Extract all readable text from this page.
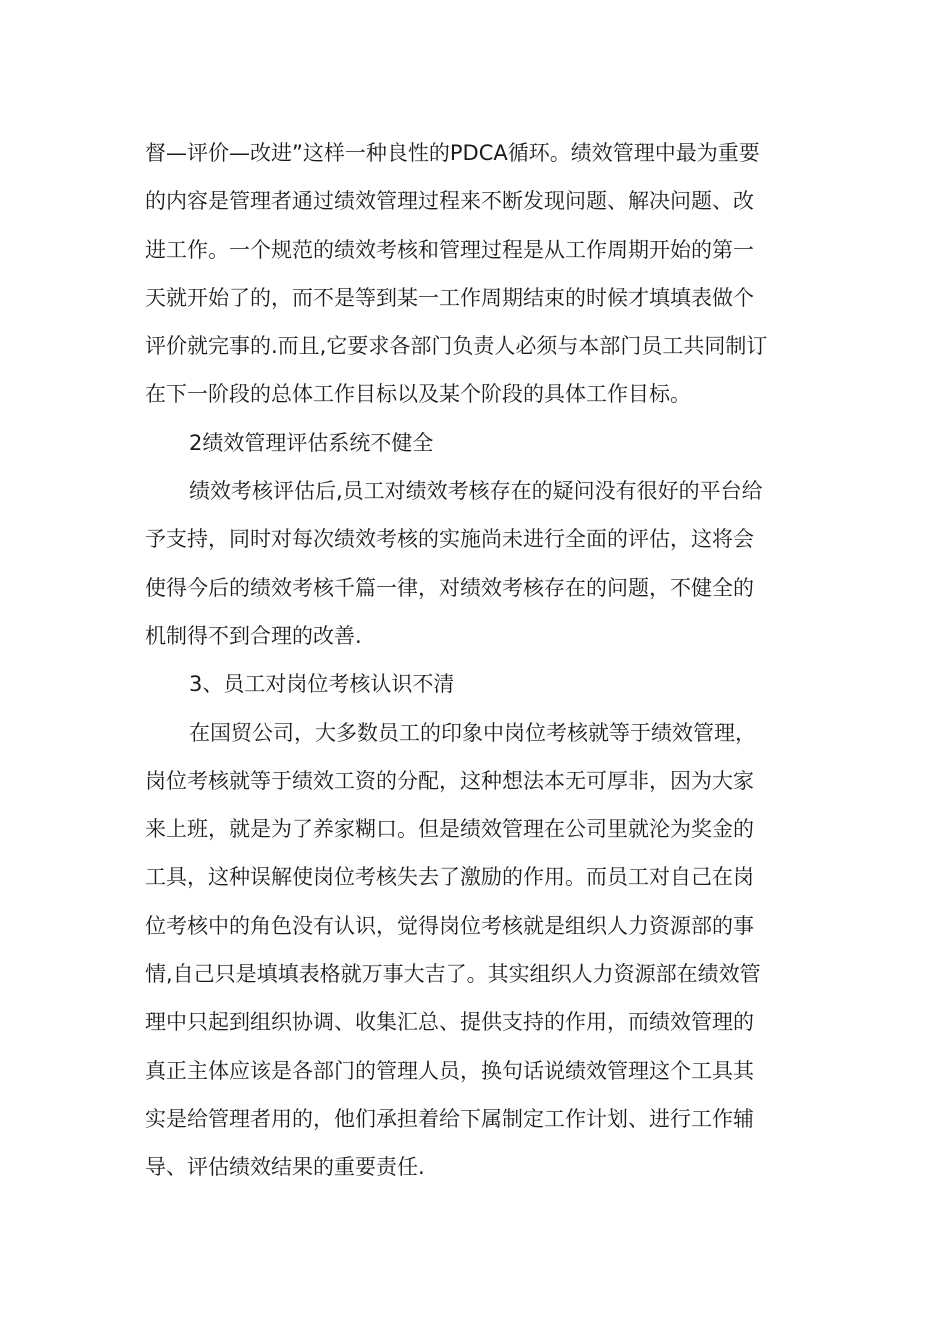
督—评价—改进”这样一种良性的PDCA循环。绩效管理中最为重要
的内容是管理者通过绩效管理过程来不断发现问题、解决问题、改
进工作。一个规范的绩效考核和管理过程是从工作周期开始的第一
天就开始了的，而不是等到某一工作周期结束的时候才填填表做个
评价就完事的.而且,它要求各部门负责人必须与本部门员工共同制订
在下一阶段的总体工作目标以及某个阶段的具体工作目标。
2绩效管理评估系统不健全
绩效考核评估后,员工对绩效考核存在的疑问没有很好的平台给
予支持，同时对每次绩效考核的实施尚未进行全面的评估，这将会
使得今后的绩效考核千篇一律，对绩效考核存在的问题，不健全的
机制得不到合理的改善.
3、员工对岗位考核认识不清
在国贸公司，大多数员工的印象中岗位考核就等于绩效管理，
岗位考核就等于绩效工资的分配，这种想法本无可厚非，因为大家
来上班，就是为了养家糊口。但是绩效管理在公司里就沦为奖金的
工具，这种误解使岗位考核失去了激励的作用。而员工对自己在岗
位考核中的角色没有认识，觉得岗位考核就是组织人力资源部的事
情,自己只是填填表格就万事大吉了。其实组织人力资源部在绩效管
理中只起到组织协调、收集汇总、提供支持的作用，而绩效管理的
真正主体应该是各部门的管理人员，换句话说绩效管理这个工具其
实是给管理者用的，他们承担着给下属制定工作计划、进行工作辅
导、评估绩效结果的重要责任.
